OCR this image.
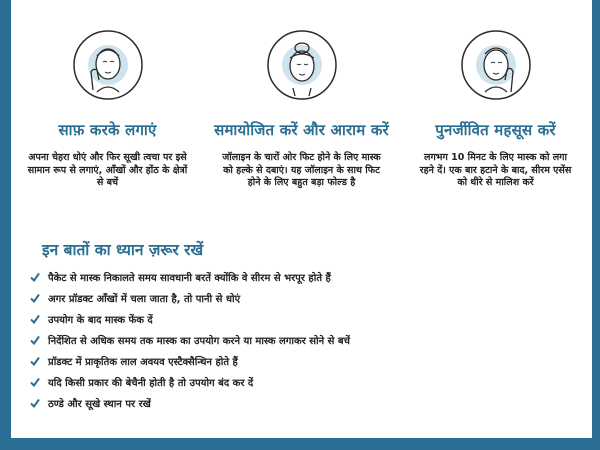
साफ़ करके लगाएं
अपना चेहरा धोएं और फिर सूखी त्वचा पर इसे सामान रूप से लगाएं, आँखों और होंठ के क्षेत्रों से बचें
समायोजित करें और आराम करें
जॉलाइन के चारों ओर फिट होने के लिए मास्क को हल्के से दबाएं। यह जॉलाइन के साथ फिट होने के लिए बहुत बड़ा फोल्ड है
पुनर्जीवित महसूस करें
लगभग 10 मिनट के लिए मास्क को लगा रहने दें। एक बार हटाने के बाद, सीरम एसेंस को धीरे से मालिश करें
इन बातों का ध्यान ज़रूर रखें
पैकेट से मास्क निकालते समय सावधानी बरतें क्योंकि वे सीरम से भरपूर होते हैं
अगर प्रॉडक्ट आँखों में चला जाता है, तो पानी से धोएं
उपयोग के बाद मास्क फेंक दें
निर्देशित से अधिक समय तक मास्क का उपयोग करने या मास्क लगाकर सोने से बचें
प्रॉडक्ट में प्राकृतिक लाल अवयव एस्टैक्सैन्थिन होते हैं
यदि किसी प्रकार की बेचैनी होती है तो उपयोग बंद कर दें
ठण्डे और सूखे स्थान पर रखें
